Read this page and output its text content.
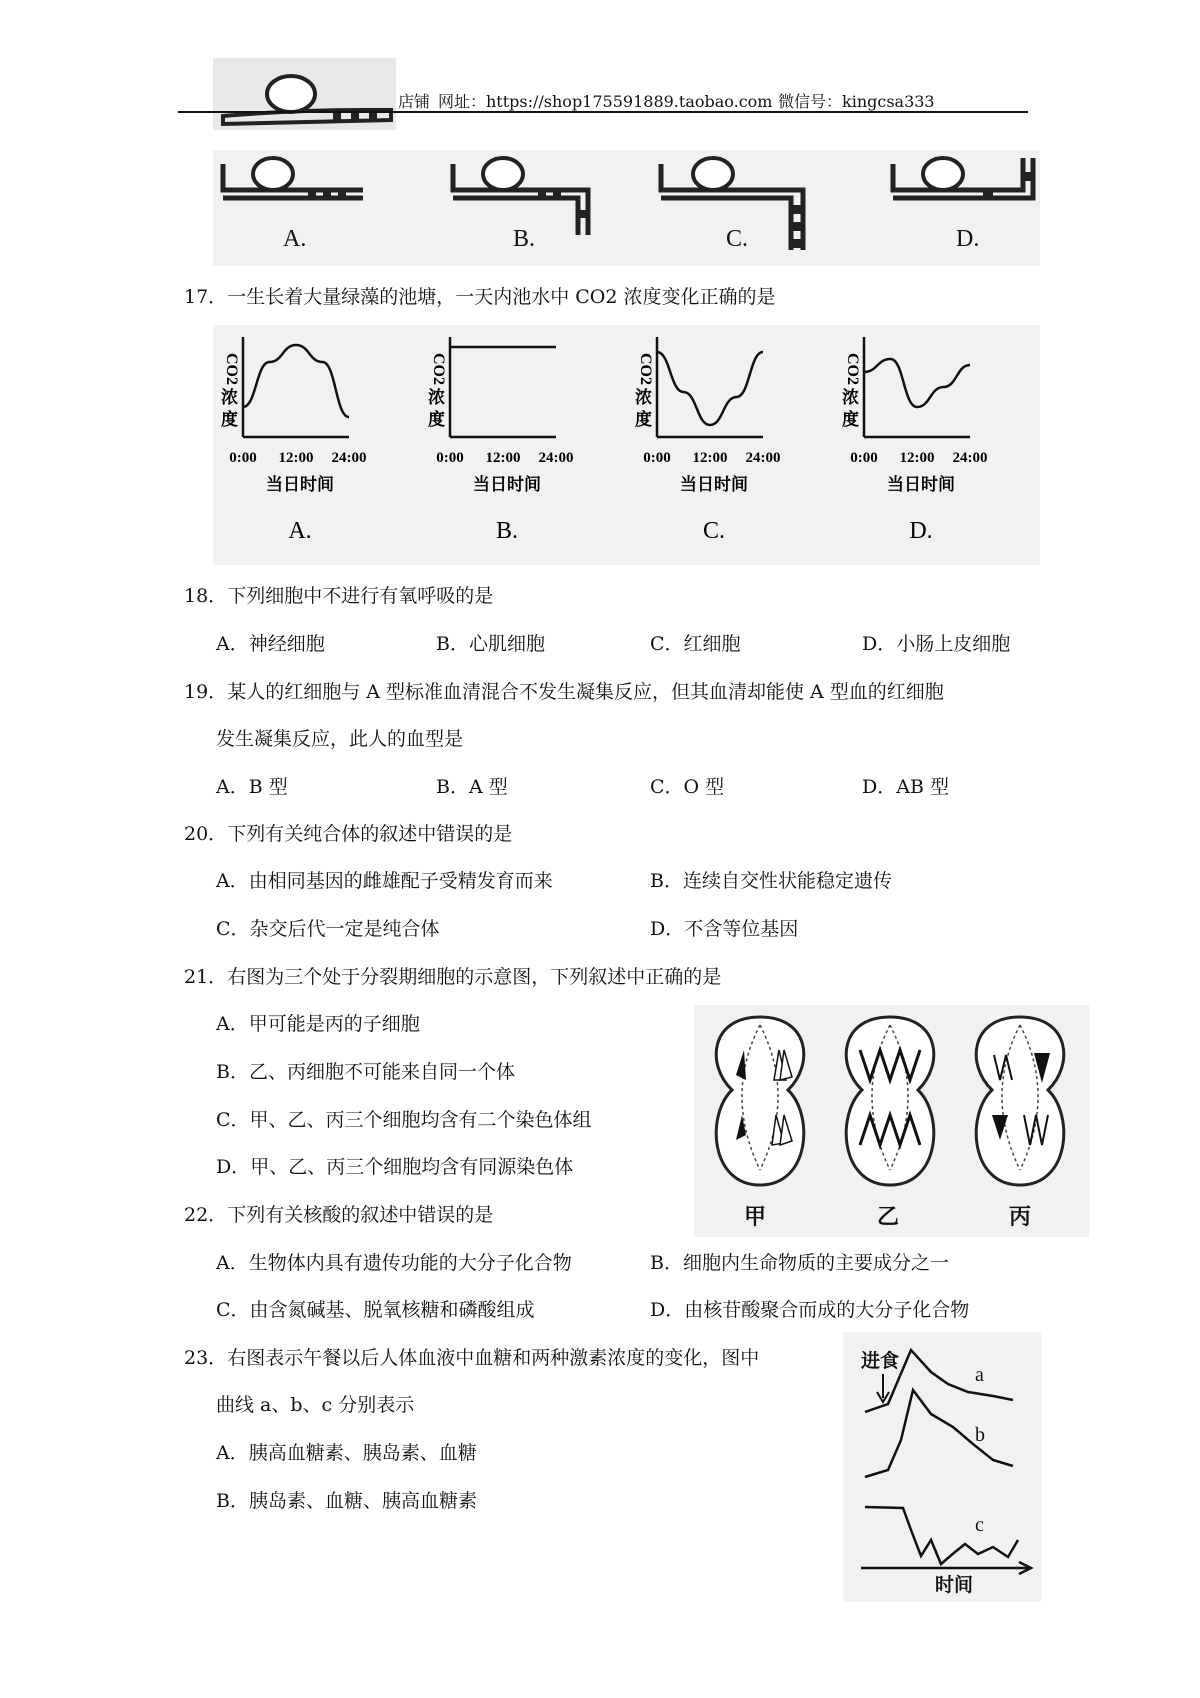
店铺 网址：https://shop175591889.taobao.com 微信号：kingcsa333
A.	B.	C.	D.
17．一生长着大量绿藻的池塘，一天内池水中 CO2 浓度变化正确的是
CO2
浓
度
0:00 12:00 24:00
当日时间
A.
CO2
浓
度
0:00 12:00 24:00
当日时间
B.
CO2
浓
度
0:00 12:00 24:00
当日时间
C.
CO2
浓
度
0:00 12:00 24:00
当日时间
D.
18．下列细胞中不进行有氧呼吸的是
A．神经细胞	B．心肌细胞	C．红细胞	D．小肠上皮细胞
19．某人的红细胞与 A 型标准血清混合不发生凝集反应，但其血清却能使 A 型血的红细胞
发生凝集反应，此人的血型是
A．B 型	B．A 型	C．O 型	D．AB 型
20．下列有关纯合体的叙述中错误的是
A．由相同基因的雌雄配子受精发育而来	B．连续自交性状能稳定遗传
C．杂交后代一定是纯合体	D．不含等位基因
21．右图为三个处于分裂期细胞的示意图，下列叙述中正确的是
A．甲可能是丙的子细胞
B．乙、丙细胞不可能来自同一个体
C．甲、乙、丙三个细胞均含有二个染色体组
D．甲、乙、丙三个细胞均含有同源染色体
甲	乙	丙
22．下列有关核酸的叙述中错误的是
A．生物体内具有遗传功能的大分子化合物	B．细胞内生命物质的主要成分之一
C．由含氮碱基、脱氧核糖和磷酸组成	D．由核苷酸聚合而成的大分子化合物
23．右图表示午餐以后人体血液中血糖和两种激素浓度的变化，图中
曲线 a、b、c 分别表示
A．胰高血糖素、胰岛素、血糖
B．胰岛素、血糖、胰高血糖素
进食
a
b
c
时间
